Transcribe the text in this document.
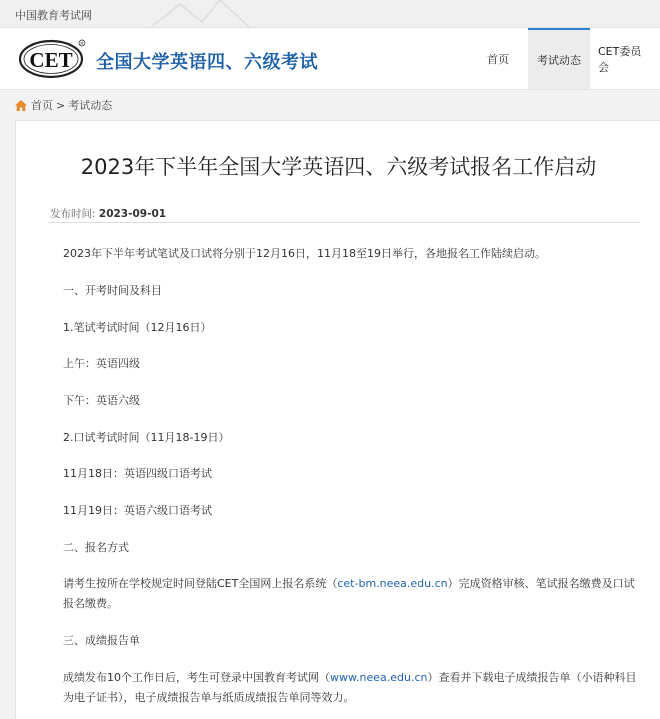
中国教育考试网
CET
R
全国大学英语四、六级考试	首页	考试动态
CET委员会
首页 > 考试动态
2023年下半年全国大学英语四、六级考试报名工作启动
发布时间: 2023-09-01
2023年下半年考试笔试及口试将分别于12月16日，11月18至19日举行，各地报名工作陆续启动。
一、开考时间及科目
1.笔试考试时间（12月16日）
上午：英语四级
下午：英语六级
2.口试考试时间（11月18-19日）
11月18日：英语四级口语考试
11月19日：英语六级口语考试
二、报名方式
请考生按所在学校规定时间登陆CET全国网上报名系统（cet-bm.neea.edu.cn）完成资格审核、笔试报名缴费及口试报名缴费。
三、成绩报告单
成绩发布10个工作日后，考生可登录中国教育考试网（www.neea.edu.cn）查看并下载电子成绩报告单（小语种科目为电子证书），电子成绩报告单与纸质成绩报告单同等效力。
